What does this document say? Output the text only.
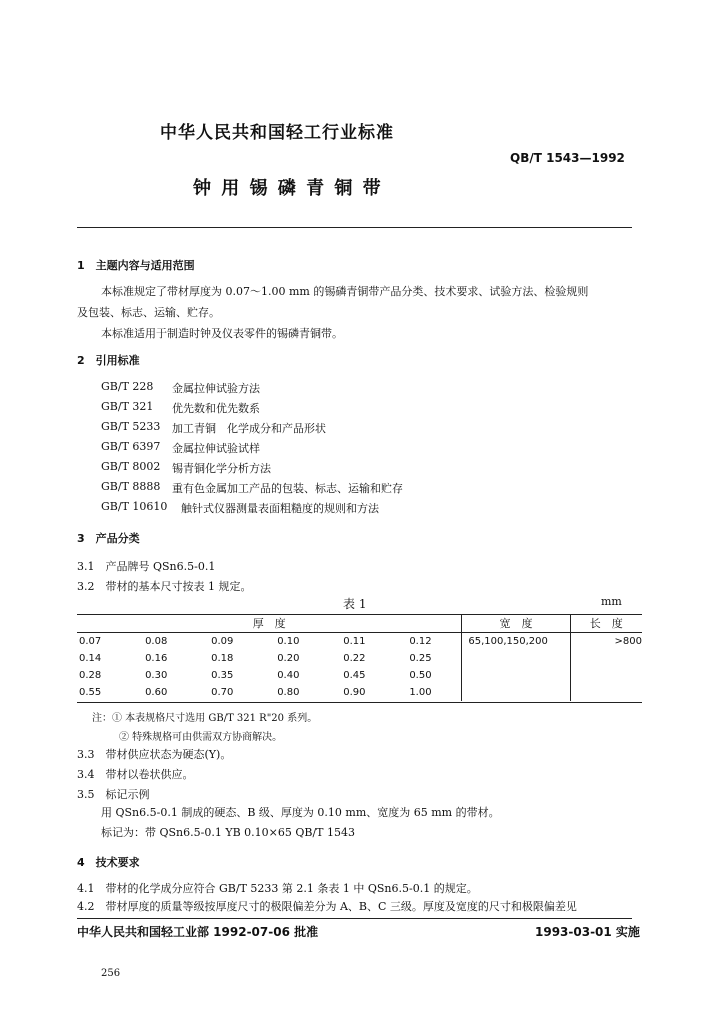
中华人民共和国轻工行业标准
QB/T 1543—1992
钟 用 锡 磷 青 铜 带
1　主题内容与适用范围
本标准规定了带材厚度为 0.07～1.00 mm 的锡磷青铜带产品分类、技术要求、试验方法、检验规则
及包装、标志、运输、贮存。
本标准适用于制造时钟及仪表零件的锡磷青铜带。
2　引用标准
GB/T 228 金属拉伸试验方法
GB/T 321 优先数和优先数系
GB/T 5233 加工青铜　化学成分和产品形状
GB/T 6397 金属拉伸试验试样
GB/T 8002 锡青铜化学分析方法
GB/T 8888 重有色金属加工产品的包装、标志、运输和贮存
GB/T 10610 触针式仪器测量表面粗糙度的规则和方法
3　产品分类
3.1　产品牌号 QSn6.5-0.1
3.2　带材的基本尺寸按表 1 规定。
表 1	mm
厚　度						宽　度	长　度
0.07	0.08	0.09	0.10	0.11	0.12	65,100,150,200	>800
0.14	0.16	0.18	0.20	0.22	0.25		
0.28	0.30	0.35	0.40	0.45	0.50		
0.55	0.60	0.70	0.80	0.90	1.00		
注：① 本表规格尺寸选用 GB/T 321 R"20 系列。
② 特殊规格可由供需双方协商解决。
3.3　带材供应状态为硬态(Y)。
3.4　带材以卷状供应。
3.5　标记示例
用 QSn6.5-0.1 制成的硬态、B 级、厚度为 0.10 mm、宽度为 65 mm 的带材。
标记为：带 QSn6.5-0.1 YB 0.10×65 QB/T 1543
4　技术要求
4.1　带材的化学成分应符合 GB/T 5233 第 2.1 条表 1 中 QSn6.5-0.1 的规定。
4.2　带材厚度的质量等级按厚度尺寸的极限偏差分为 A、B、C 三级。厚度及宽度的尺寸和极限偏差见
中华人民共和国轻工业部 1992-07-06 批准	1993-03-01 实施
256
